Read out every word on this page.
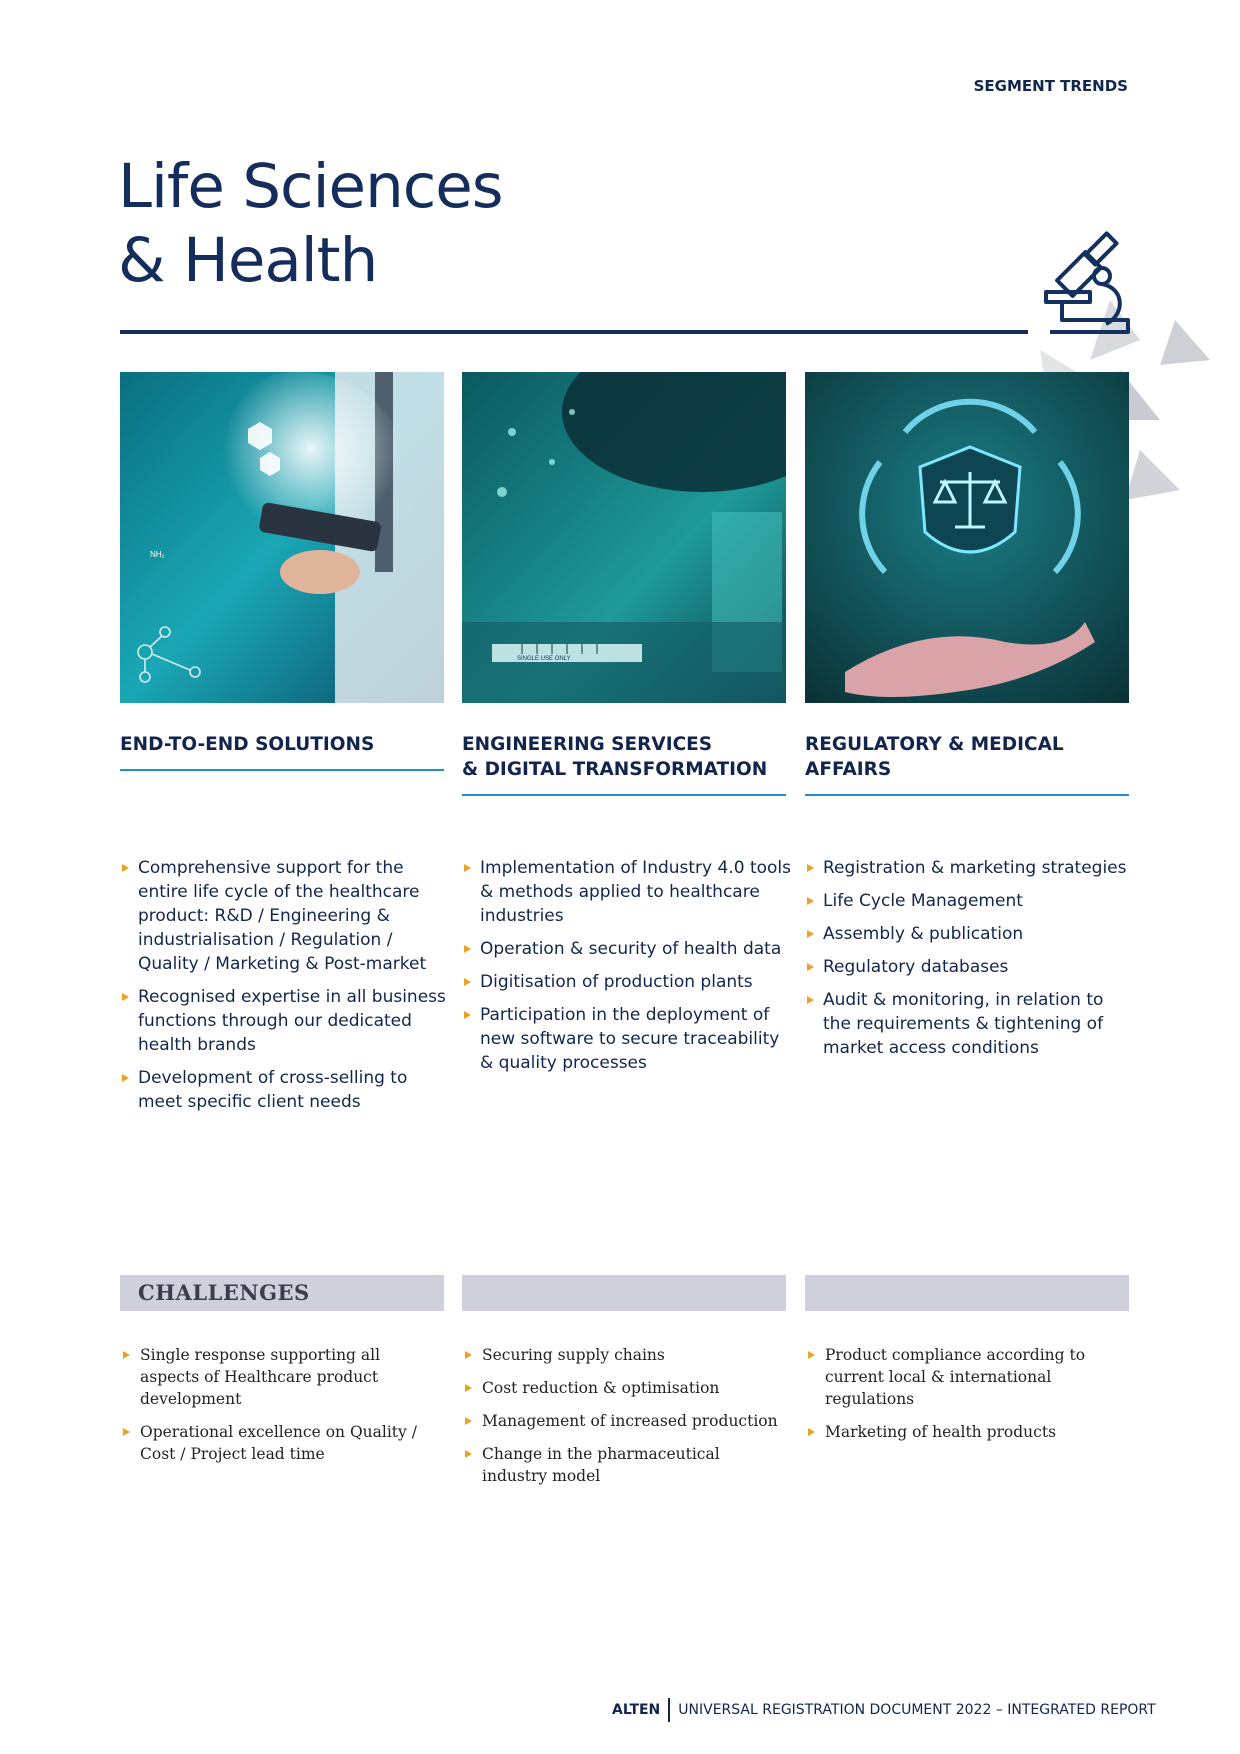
SEGMENT TRENDS
Life Sciences
& Health
NH₂
SINGLE USE ONLY
END-TO-END SOLUTIONS	ENGINEERING SERVICES
& DIGITAL TRANSFORMATION
REGULATORY & MEDICAL
AFFAIRS
Comprehensive support for the entire life cycle of the healthcare product: R&D / Engineering & industrialisation / Regulation / Quality / Marketing & Post-market
Recognised expertise in all business functions through our dedicated health brands
Development of cross-selling to meet specific client needs
Implementation of Industry 4.0 tools & methods applied to healthcare industries
Operation & security of health data
Digitisation of production plants
Participation in the deployment of new software to secure traceability & quality processes
Registration & marketing strategies
Life Cycle Management
Assembly & publication
Regulatory databases
Audit & monitoring, in relation to the requirements & tightening of market access conditions
CHALLENGES
Single response supporting all aspects of Healthcare product development
Operational excellence on Quality / Cost / Project lead time
Securing supply chains
Cost reduction & optimisation
Management of increased production
Change in the pharmaceutical industry model
Product compliance according to current local & international regulations
Marketing of health products
ALTEN UNIVERSAL REGISTRATION DOCUMENT 2022 – INTEGRATED REPORT
